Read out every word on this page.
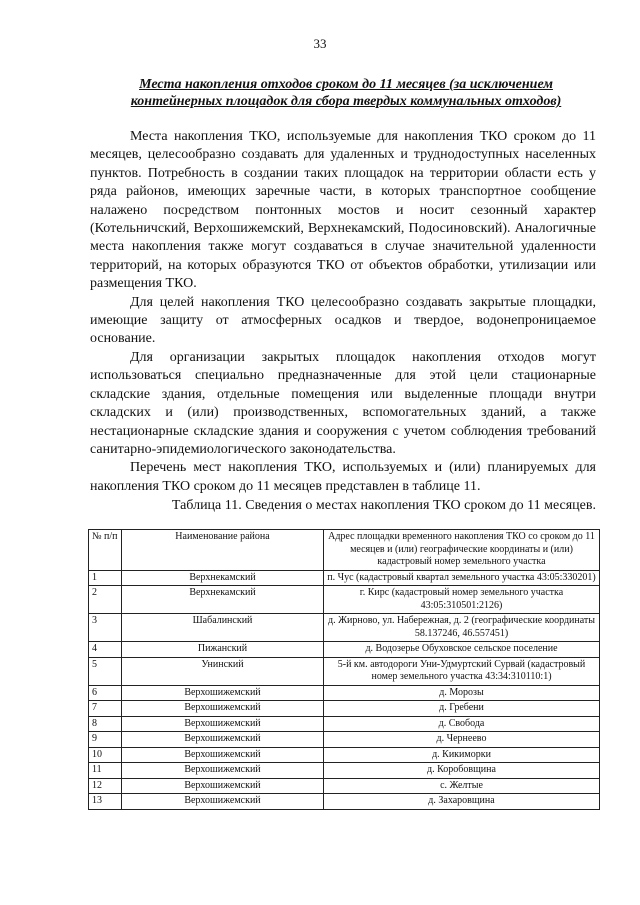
33
Места накопления отходов сроком до 11 месяцев (за исключением контейнерных площадок для сбора твердых коммунальных отходов)

Места накопления ТКО, используемые для накопления ТКО сроком до 11 месяцев, целесообразно создавать для удаленных и труднодоступных населенных пунктов. Потребность в создании таких площадок на территории области есть у ряда районов, имеющих заречные части, в которых транспортное сообщение налажено посредством понтонных мостов и носит сезонный характер (Котельничский, Верхошижемский, Верхнекамский, Подосиновский). Аналогичные места накопления также могут создаваться в случае значительной удаленности территорий, на которых образуются ТКО от объектов обработки, утилизации или размещения ТКО.

Для целей накопления ТКО целесообразно создавать закрытые площадки, имеющие защиту от атмосферных осадков и твердое, водонепроницаемое основание.

Для организации закрытых площадок накопления отходов могут использоваться специально предназначенные для этой цели стационарные складские здания, отдельные помещения или выделенные площади внутри складских и (или) производственных, вспомогательных зданий, а также нестационарные складские здания и сооружения с учетом соблюдения требований санитарно-эпидемиологического законодательства.

Перечень мест накопления ТКО, используемых и (или) планируемых для накопления ТКО сроком до 11 месяцев представлен в таблице 11.

Таблица 11. Сведения о местах накопления ТКО сроком до 11 месяцев.
№ п/п	Наименование района	Адрес площадки временного накопления ТКО со сроком до 11 месяцев и (или) географические координаты и (или) кадастровый номер земельного участка
1	Верхнекамский	п. Чус (кадастровый квартал земельного участка 43:05:330201)
2	Верхнекамский	г. Кирс (кадастровый номер земельного участка 43:05:310501:2126)
3	Шабалинский	д. Жирново, ул. Набережная, д. 2 (географические координаты 58.137246, 46.557451)
4	Пижанский	д. Водозерье Обуховское сельское поселение
5	Унинский	5-й км. автодороги Уни-Удмуртский Сурвай (кадастровый номер земельного участка 43:34:310110:1)
6	Верхошижемский	д. Морозы
7	Верхошижемский	д. Гребени
8	Верхошижемский	д. Свобода
9	Верхошижемский	д. Чернеево
10	Верхошижемский	д. Кикиморки
11	Верхошижемский	д. Коробовщина
12	Верхошижемский	с. Желтые
13	Верхошижемский	д. Захаровщина
